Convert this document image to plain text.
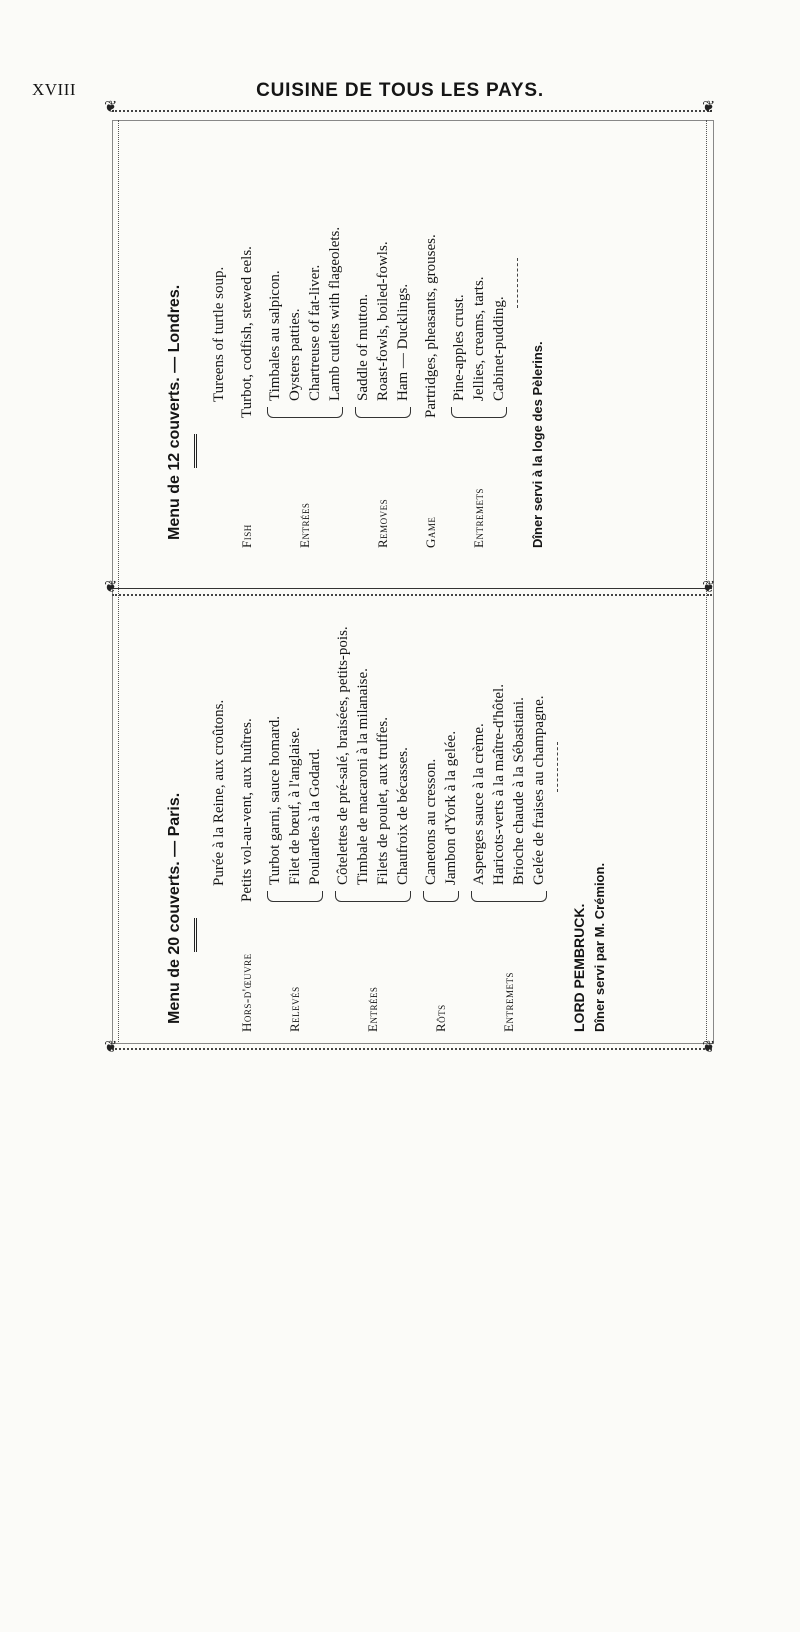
XVIII	CUISINE DE TOUS LES PAYS.
❦	❦
❦	❦
❦	❦
Menu de 12 couverts. — Londres.	Tureens of turtle soup.
Fish
Turbot, codfish, stewed eels.
Entrées
Timbales au salpicon. Oysters patties. Chartreuse of fat-liver. Lamb cutlets with flageolets.
Removes
Saddle of mutton. Roast-fowls, boiled-fowls. Ham — Ducklings.
Game
Partridges, pheasants, grouses.
Entremets
Pine-apples crust. Jellies, creams, tarts. Cabinet-pudding. Dîner servi à la loge des Pèlerins.
Menu de 20 couverts. — Paris.	Purée à la Reine, aux croûtons.
Hors-d'œuvre
Petits vol-au-vent, aux huîtres.
Relevés
Turbot garni, sauce homard. Filet de bœuf, à l'anglaise. Poulardes à la Godard.
Entrées
Côtelettes de pré-salé, braisées, petits-pois. Timbale de macaroni à la milanaise. Filets de poulet, aux truffes. Chaufroix de bécasses.
Rôts
Canetons au cresson. Jambon d'York à la gelée.
Entremets
Asperges sauce à la crème. Haricots-verts à la maître-d'hôtel. Brioche chaude à la Sébastiani. Gelée de fraises au champagne.
LORD PEMBRUCK. Dîner servi par M. Crémion.
